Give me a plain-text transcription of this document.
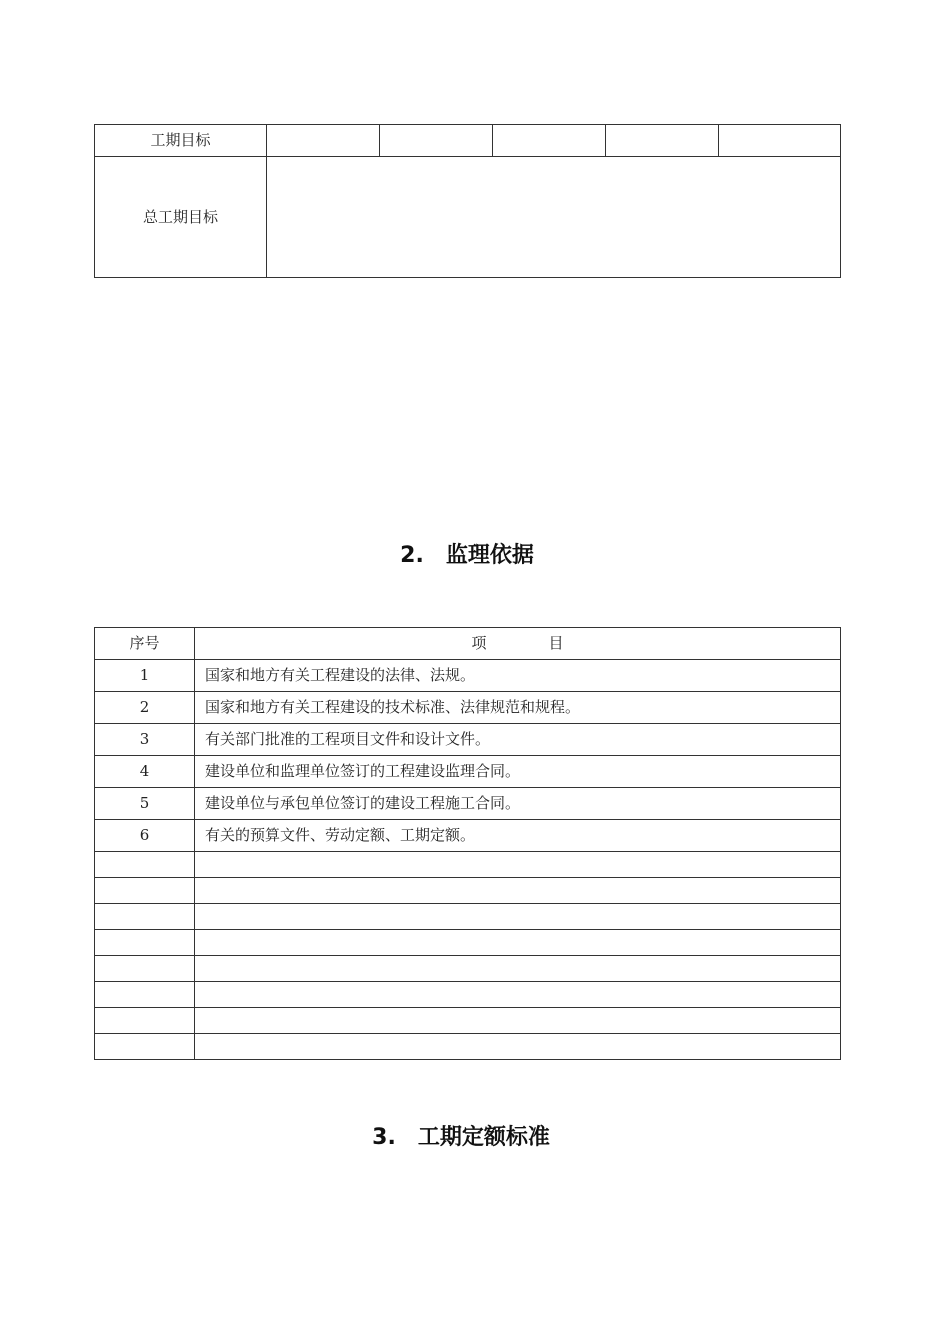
工期目标					
总工期目标					
2. 监理依据
序号	项 目
1	国家和地方有关工程建设的法律、法规。
2	国家和地方有关工程建设的技术标准、法律规范和规程。
3	有关部门批准的工程项目文件和设计文件。
4	建设单位和监理单位签订的工程建设监理合同。
5	建设单位与承包单位签订的建设工程施工合同。
6	有关的预算文件、劳动定额、工期定额。

3. 工期定额标准
